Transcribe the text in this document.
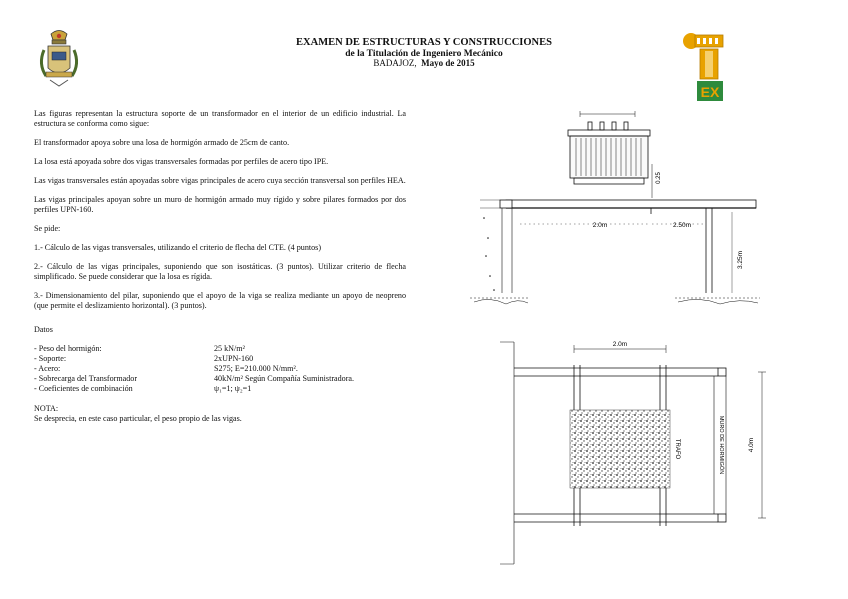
EX
EXAMEN DE ESTRUCTURAS Y CONSTRUCCIONES
de la Titulación de Ingeniero Mecánico
BADAJOZ, Mayo de 2015

Las figuras representan la estructura soporte de un transformador en el interior de un edificio industrial. La estructura se conforma como sigue:

El transformador apoya sobre una losa de hormigón armado de 25cm de canto.

La losa está apoyada sobre dos vigas transversales formadas por perfiles de acero tipo IPE.

Las vigas transversales están apoyadas sobre vigas principales de acero cuya sección transversal son perfiles HEA.

Las vigas principales apoyan sobre un muro de hormigón armado muy rígido y sobre pilares formados por dos perfiles UPN-160.

Se pide:

1.- Cálculo de las vigas transversales, utilizando el criterio de flecha del CTE. (4 puntos)

2.- Cálculo de las vigas principales, suponiendo que son isostáticas. (3 puntos). Utilizar criterio de flecha simplificado. Se puede considerar que la losa es rígida.

3.- Dimensionamiento del pilar, suponiendo que el apoyo de la viga se realiza mediante un apoyo de neopreno (que permite el deslizamiento horizontal). (3 puntos).

Datos

- Peso del hormigón:	25 kN/m²
- Soporte:	2xUPN-160
- Acero:	S275; E=210.000 N/mm².
- Sobrecarga del Transformador	40kN/m² Según Compañía Suministradora.
- Coeficientes de combinación	ψ₁=1; ψ₂=1

NOTA:
Se desprecia, en este caso particular, el peso propio de las vigas.

2.0m	2.50m
3.25m
0.25
2.0m
4.0m
MURO DE HORMIGÓN
TRAFO
